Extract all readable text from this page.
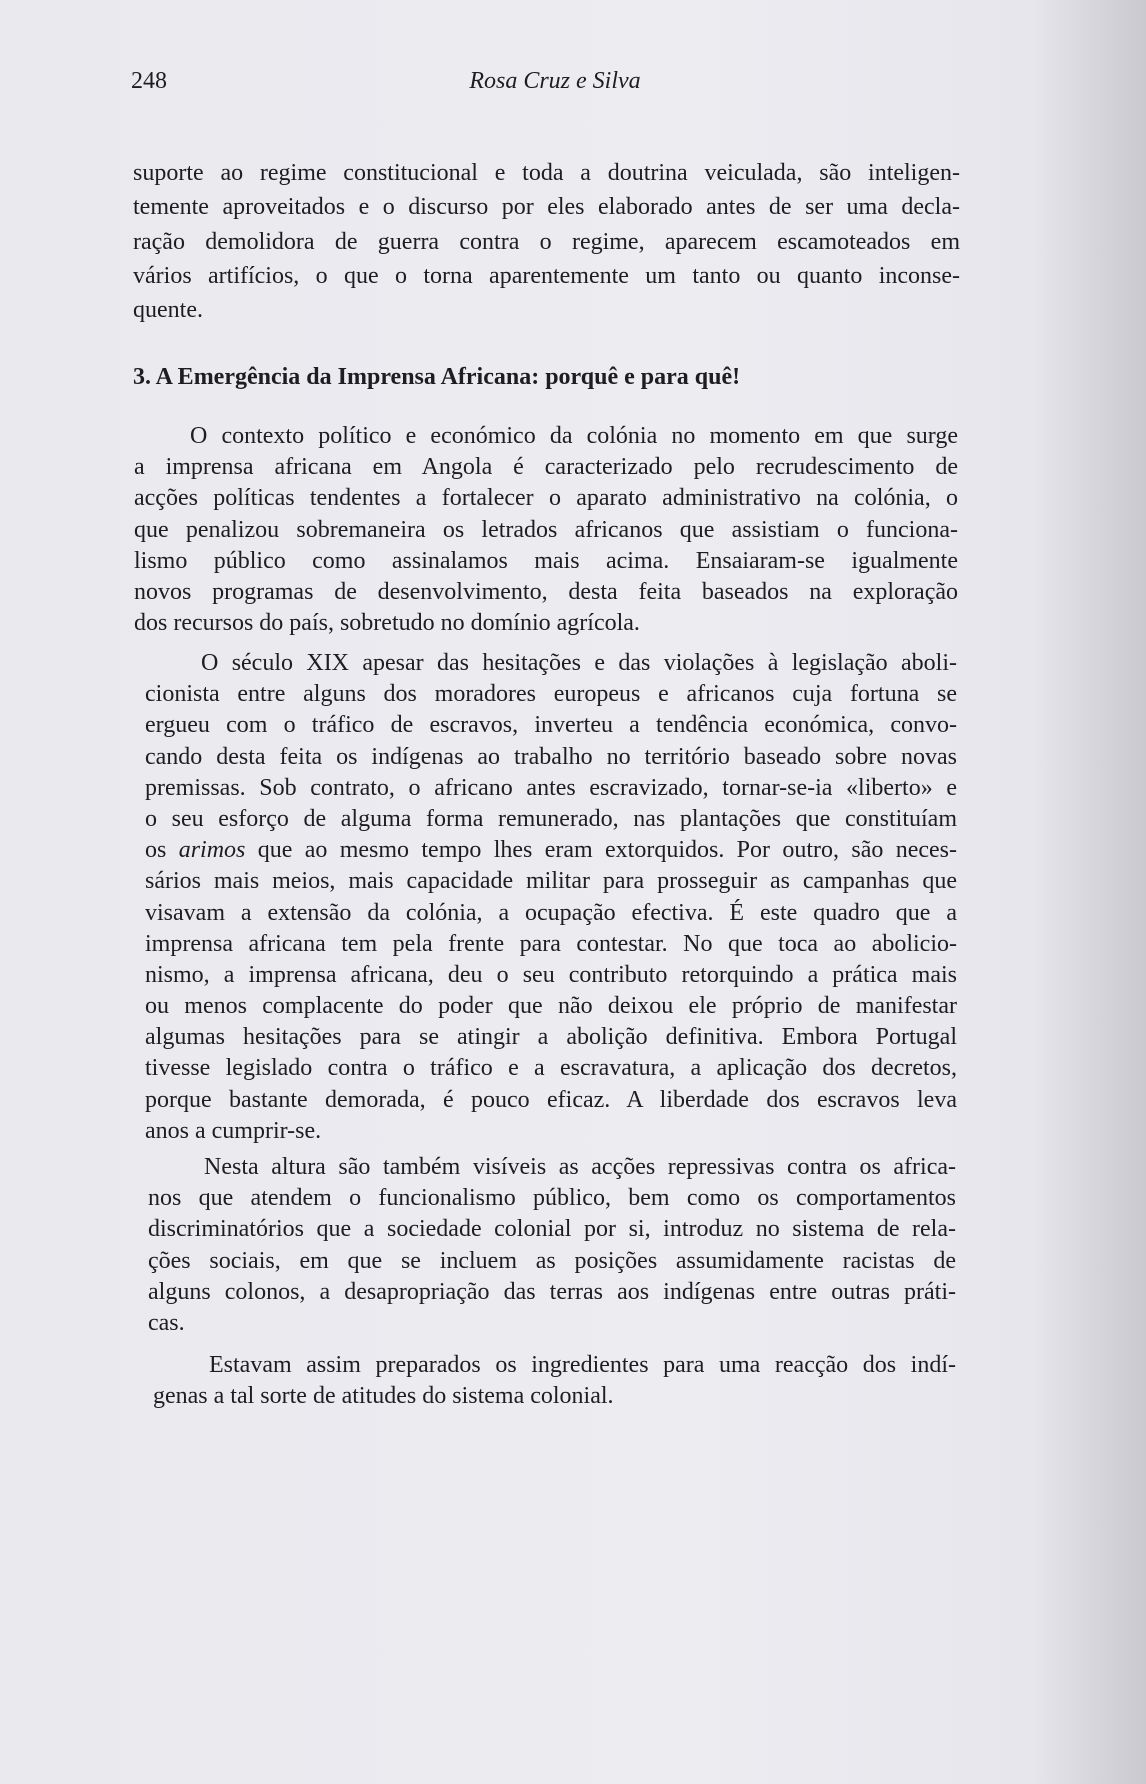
248	Rosa Cruz e Silva
suporte ao regime constitucional e toda a doutrina veiculada, são inteligen-
temente aproveitados e o discurso por eles elaborado antes de ser uma decla-
ração demolidora de guerra contra o regime, aparecem escamoteados em
vários artifícios, o que o torna aparentemente um tanto ou quanto inconse-
quente.
3. A Emergência da Imprensa Africana: porquê e para quê!
O contexto político e económico da colónia no momento em que surge
a imprensa africana em Angola é caracterizado pelo recrudescimento de
acções políticas tendentes a fortalecer o aparato administrativo na colónia, o
que penalizou sobremaneira os letrados africanos que assistiam o funciona-
lismo público como assinalamos mais acima. Ensaiaram-se igualmente
novos programas de desenvolvimento, desta feita baseados na exploração
dos recursos do país, sobretudo no domínio agrícola.
O século XIX apesar das hesitações e das violações à legislação aboli-
cionista entre alguns dos moradores europeus e africanos cuja fortuna se
ergueu com o tráfico de escravos, inverteu a tendência económica, convo-
cando desta feita os indígenas ao trabalho no território baseado sobre novas
premissas. Sob contrato, o africano antes escravizado, tornar-se-ia «liberto» e
o seu esforço de alguma forma remunerado, nas plantações que constituíam
os arimos que ao mesmo tempo lhes eram extorquidos. Por outro, são neces-
sários mais meios, mais capacidade militar para prosseguir as campanhas que
visavam a extensão da colónia, a ocupação efectiva. É este quadro que a
imprensa africana tem pela frente para contestar. No que toca ao abolicio-
nismo, a imprensa africana, deu o seu contributo retorquindo a prática mais
ou menos complacente do poder que não deixou ele próprio de manifestar
algumas hesitações para se atingir a abolição definitiva. Embora Portugal
tivesse legislado contra o tráfico e a escravatura, a aplicação dos decretos,
porque bastante demorada, é pouco eficaz. A liberdade dos escravos leva
anos a cumprir-se.
Nesta altura são também visíveis as acções repressivas contra os africa-
nos que atendem o funcionalismo público, bem como os comportamentos
discriminatórios que a sociedade colonial por si, introduz no sistema de rela-
ções sociais, em que se incluem as posições assumidamente racistas de
alguns colonos, a desapropriação das terras aos indígenas entre outras práti-
cas.
Estavam assim preparados os ingredientes para uma reacção dos indí-
genas a tal sorte de atitudes do sistema colonial.
